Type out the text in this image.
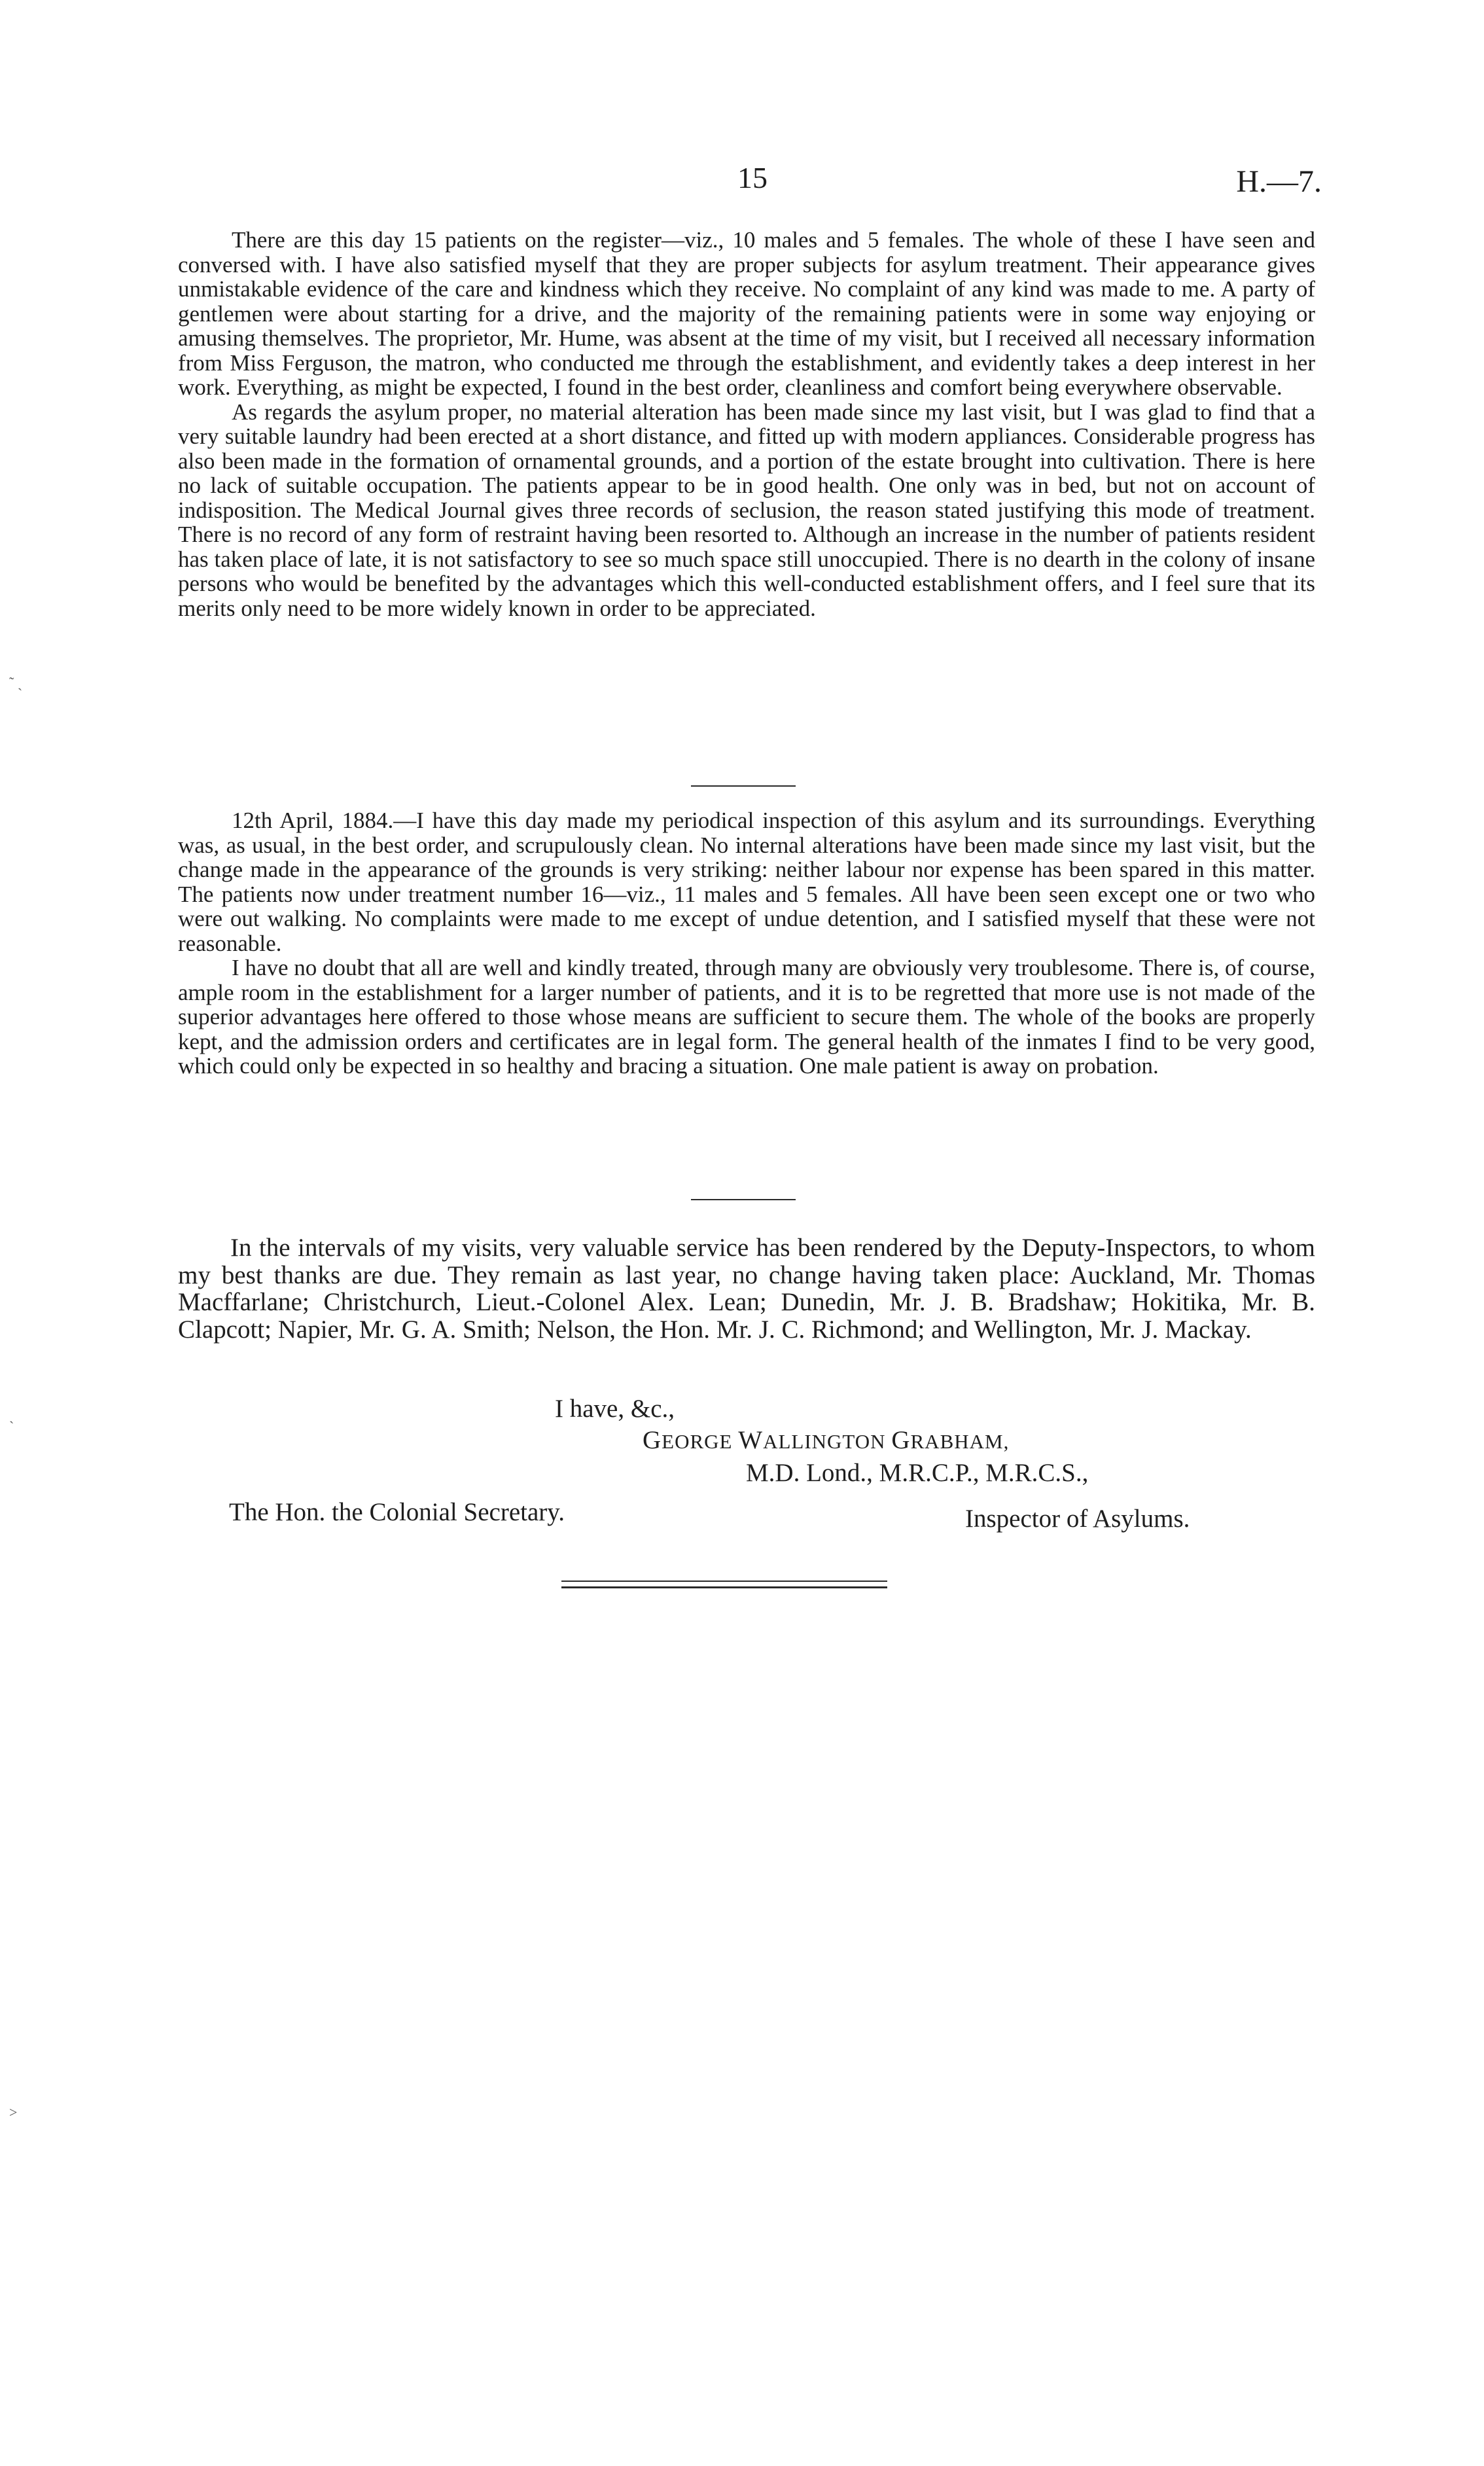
15	H.—7.

There are this day 15 patients on the register—viz., 10 males and 5 females. The whole of these I have seen and conversed with. I have also satisfied myself that they are proper subjects for asylum treatment. Their appearance gives unmistakable evidence of the care and kindness which they receive. No complaint of any kind was made to me. A party of gentlemen were about starting for a drive, and the majority of the remaining patients were in some way enjoying or amusing themselves. The proprietor, Mr. Hume, was absent at the time of my visit, but I received all necessary information from Miss Ferguson, the matron, who conducted me through the establishment, and evidently takes a deep interest in her work. Everything, as might be expected, I found in the best order, cleanliness and comfort being everywhere observable.

As regards the asylum proper, no material alteration has been made since my last visit, but I was glad to find that a very suitable laundry had been erected at a short distance, and fitted up with modern appliances. Considerable progress has also been made in the formation of ornamental grounds, and a portion of the estate brought into cultivation. There is here no lack of suitable occupation. The patients appear to be in good health. One only was in bed, but not on account of indisposition. The Medical Journal gives three records of seclusion, the reason stated justifying this mode of treatment. There is no record of any form of restraint having been resorted to. Although an increase in the number of patients resident has taken place of late, it is not satisfactory to see so much space still unoccupied. There is no dearth in the colony of insane persons who would be benefited by the advantages which this well-conducted establishment offers, and I feel sure that its merits only need to be more widely known in order to be appreciated.

12th April, 1884.—I have this day made my periodical inspection of this asylum and its surroundings. Everything was, as usual, in the best order, and scrupulously clean. No internal alterations have been made since my last visit, but the change made in the appearance of the grounds is very striking: neither labour nor expense has been spared in this matter. The patients now under treatment number 16—viz., 11 males and 5 females. All have been seen except one or two who were out walking. No complaints were made to me except of undue detention, and I satisfied myself that these were not reasonable.

I have no doubt that all are well and kindly treated, through many are obviously very troublesome. There is, of course, ample room in the establishment for a larger number of patients, and it is to be regretted that more use is not made of the superior advantages here offered to those whose means are sufficient to secure them. The whole of the books are properly kept, and the admission orders and certificates are in legal form. The general health of the inmates I find to be very good, which could only be expected in so healthy and bracing a situation. One male patient is away on probation.

In the intervals of my visits, very valuable service has been rendered by the Deputy-Inspectors, to whom my best thanks are due. They remain as last year, no change having taken place: Auckland, Mr. Thomas Macffarlane; Christchurch, Lieut.-Colonel Alex. Lean; Dunedin, Mr. J. B. Bradshaw; Hokitika, Mr. B. Clapcott; Napier, Mr. G. A. Smith; Nelson, the Hon. Mr. J. C. Richmond; and Wellington, Mr. J. Mackay.

I have, &c.,
GEORGE WALLINGTON GRABHAM,
M.D. Lond., M.R.C.P., M.R.C.S.,
The Hon. the Colonial Secretary.	Inspector of Asylums.
˜ ˏ
ˎ
˃
